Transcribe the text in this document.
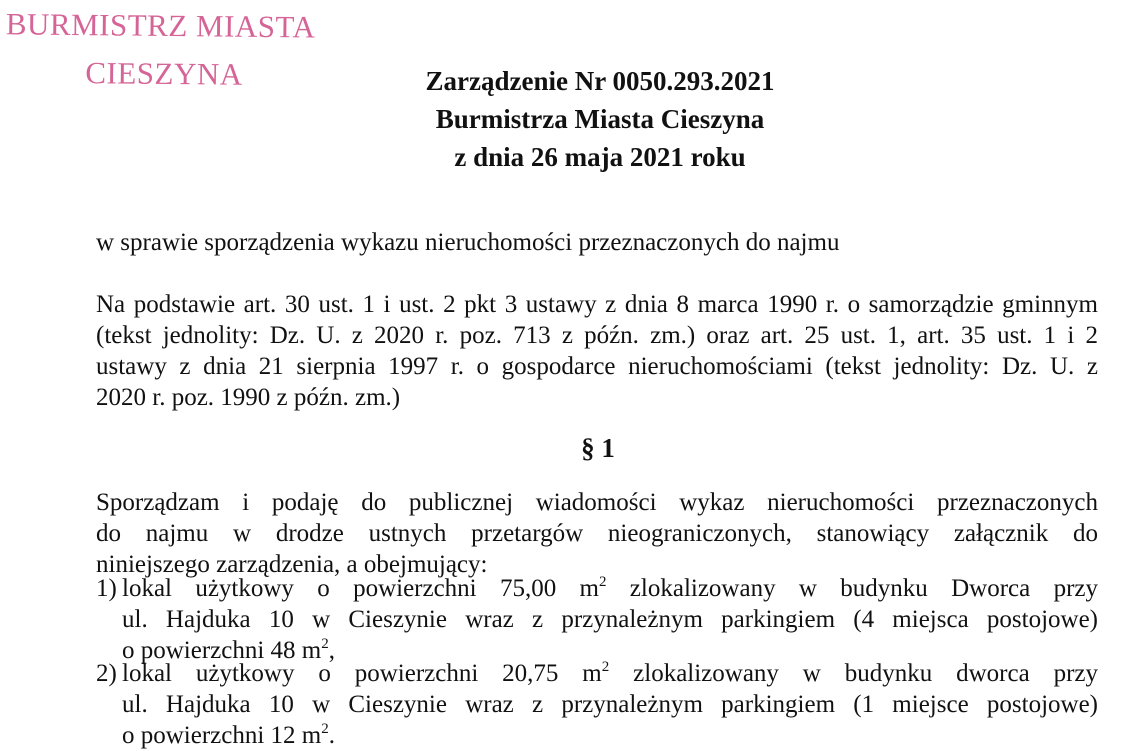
BURMISTRZ MIASTA
CIESZYNA	Zarządzenie Nr 0050.293.2021
Burmistrza Miasta Cieszyna
z dnia 26 maja 2021 roku
w sprawie sporządzenia wykazu nieruchomości przeznaczonych do najmu
Na podstawie art. 30 ust. 1 i ust. 2 pkt 3 ustawy z dnia 8 marca 1990 r. o samorządzie gminnym
(tekst jednolity: Dz. U. z 2020 r. poz. 713 z późn. zm.) oraz art. 25 ust. 1, art. 35 ust. 1 i 2
ustawy z dnia 21 sierpnia 1997 r. o gospodarce nieruchomościami (tekst jednolity: Dz. U. z
2020 r. poz. 1990 z późn. zm.)
§ 1
Sporządzam i podaję do publicznej wiadomości wykaz nieruchomości przeznaczonych
do najmu w drodze ustnych przetargów nieograniczonych, stanowiący załącznik do
niniejszego zarządzenia, a obejmujący:
1) lokal użytkowy o powierzchni 75,00 $m^2$ zlokalizowany w budynku Dworca przy
ul. Hajduka 10 w Cieszynie wraz z przynależnym parkingiem (4 miejsca postojowe)
o powierzchni 48 $m^2$,
2) lokal użytkowy o powierzchni 20,75 $m^2$ zlokalizowany w budynku dworca przy
ul. Hajduka 10 w Cieszynie wraz z przynależnym parkingiem (1 miejsce postojowe)
o powierzchni 12 $m^2$.
